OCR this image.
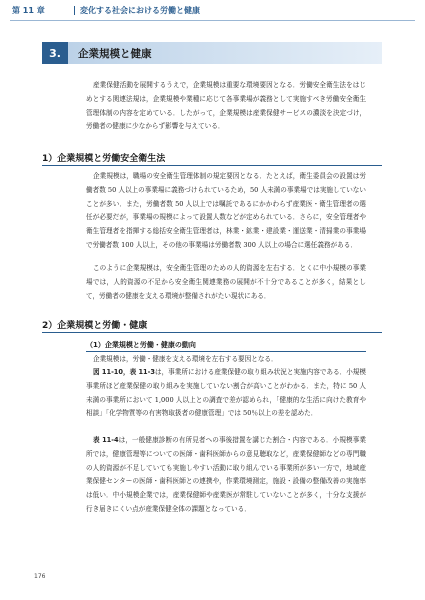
第 11 章	変化する社会における労働と健康
3.	企業規模と健康

産業保健活動を展開するうえで，企業規模は重要な環境要因となる．労働安全衛生法をはじめとする関連法規は，企業規模や業種に応じて各事業場が義務として実施すべき労働安全衛生管理体制の内容を定めている．したがって，企業規模は産業保健サービスの濃淡を決定づけ，労働者の健康に少なからず影響を与えている．

1）企業規模と労働安全衛生法

企業規模は，職場の安全衛生管理体制の規定要因となる．たとえば，衛生委員会の設置は労働者数 50 人以上の事業場に義務づけられているため，50 人未満の事業場では実施していないことが多い．また，労働者数 50 人以上では嘱託であるにかかわらず産業医・衛生管理者の選任が必要だが，事業場の規模によって設置人数などが定められている．さらに，安全管理者や衛生管理者を指揮する総括安全衛生管理者は，林業・鉱業・建設業・運送業・清掃業の事業場で労働者数 100 人以上，その他の事業場は労働者数 300 人以上の場合に選任義務がある．

このように企業規模は，安全衛生管理のための人的資源を左右する．とくに中小規模の事業場では，人的資源の不足から安全衛生関連業務の展開が不十分であることが多く，結果として，労働者の健康を支える環境が整備されがたい現状にある．

2）企業規模と労働・健康
（1）企業規模と労働・健康の動向

企業規模は，労働・健康を支える環境を左右する要因となる．

図 11-10，表 11-3は，事業所における産業保健の取り組み状況と実施内容である．小規模事業所ほど産業保健の取り組みを実施していない割合が高いことがわかる．また，特に 50 人未満の事業所において 1,000 人以上との調査で差が認められ，「健康的な生活に向けた教育や相談」「化学物質等の有害物取扱者の健康管理」では 50％以上の差を認めた．

表 11-4は，一般健康診断の有所見者への事後措置を講じた割合・内容である．小規模事業所では，健康管理等についての医師・歯科医師からの意見聴取など，産業保健師などの専門職の人的資源が不足していても実施しやすい活動に取り組んでいる事業所が多い一方で，地域産業保健センターの医師・歯科医師との連携や，作業環境測定，施設・設備の整備改善の実施率は低い．中小規模企業では，産業保健師や産業医が常駐していないことが多く，十分な支援が行き届きにくい点が産業保健全体の課題となっている．

176
